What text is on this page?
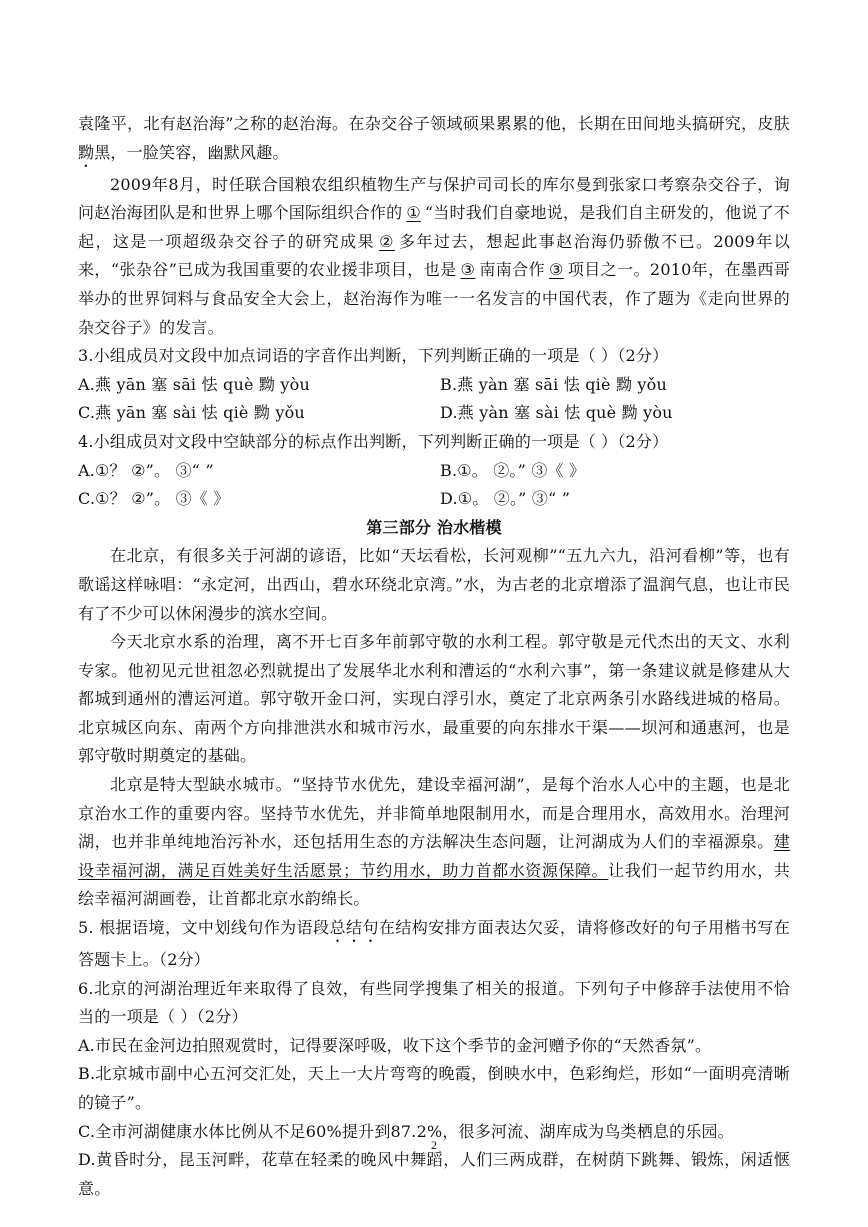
袁隆平，北有赵治海”之称的赵治海。在杂交谷子领域硕果累累的他，长期在田间地头搞研究，皮肤黝黑，一脸笑容，幽默风趣。

2009年8月，时任联合国粮农组织植物生产与保护司司长的库尔曼到张家口考察杂交谷子，询问赵治海团队是和世界上哪个国际组织合作的 ① “当时我们自豪地说，是我们自主研发的，他说了不起，这是一项超级杂交谷子的研究成果 ② 多年过去，想起此事赵治海仍骄傲不已。2009年以来，“张杂谷”已成为我国重要的农业援非项目，也是 ③ 南南合作 ③ 项目之一。2010年，在墨西哥举办的世界饲料与食品安全大会上，赵治海作为唯一一名发言的中国代表，作了题为《走向世界的杂交谷子》的发言。

3.小组成员对文段中加点词语的字音作出判断，下列判断正确的一项是（ ）（2分）

A.燕 yān 塞 sāi 怯 què 黝 yòu	B.燕 yàn 塞 sāi 怯 qiè 黝 yǒu
C.燕 yān 塞 sài 怯 qiè 黝 yǒu	D.燕 yàn 塞 sài 怯 què 黝 yòu

4.小组成员对文段中空缺部分的标点作出判断，下列判断正确的一项是（ ）（2分）

A.①？ ②”。 ③“ ”	B.①。 ②。” ③《 》
C.①？ ②”。 ③《 》	D.①。 ②。” ③“ ”

第三部分 治水楷模

在北京，有很多关于河湖的谚语，比如“天坛看松，长河观柳”“五九六九，沿河看柳”等，也有歌谣这样咏唱：“永定河，出西山，碧水环绕北京湾。”水，为古老的北京增添了温润气息，也让市民有了不少可以休闲漫步的滨水空间。

今天北京水系的治理，离不开七百多年前郭守敬的水利工程。郭守敬是元代杰出的天文、水利专家。他初见元世祖忽必烈就提出了发展华北水利和漕运的“水利六事”，第一条建议就是修建从大都城到通州的漕运河道。郭守敬开金口河，实现白浮引水，奠定了北京两条引水路线进城的格局。北京城区向东、南两个方向排泄洪水和城市污水，最重要的向东排水干渠——坝河和通惠河，也是郭守敬时期奠定的基础。

北京是特大型缺水城市。“坚持节水优先，建设幸福河湖”，是每个治水人心中的主题，也是北京治水工作的重要内容。坚持节水优先，并非简单地限制用水，而是合理用水，高效用水。治理河湖，也并非单纯地治污补水，还包括用生态的方法解决生态问题，让河湖成为人们的幸福源泉。建设幸福河湖，满足百姓美好生活愿景；节约用水，助力首都水资源保障。让我们一起节约用水，共绘幸福河湖画卷，让首都北京水韵绵长。

5. 根据语境，文中划线句作为语段总结句在结构安排方面表达欠妥，请将修改好的句子用楷书写在答题卡上。（2分）

6.北京的河湖治理近年来取得了良效，有些同学搜集了相关的报道。下列句子中修辞手法使用不恰当的一项是（ ）（2分）

A.市民在金河边拍照观赏时，记得要深呼吸，收下这个季节的金河赠予你的“天然香氛”。

B.北京城市副中心五河交汇处，天上一大片弯弯的晚霞，倒映水中，色彩绚烂，形如“一面明亮清晰的镜子”。

C.全市河湖健康水体比例从不足60%提升到87.2%，很多河流、湖库成为鸟类栖息的乐园。

D.黄昏时分，昆玉河畔，花草在轻柔的晚风中舞蹈，人们三两成群，在树荫下跳舞、锻炼，闲适惬意。

2
